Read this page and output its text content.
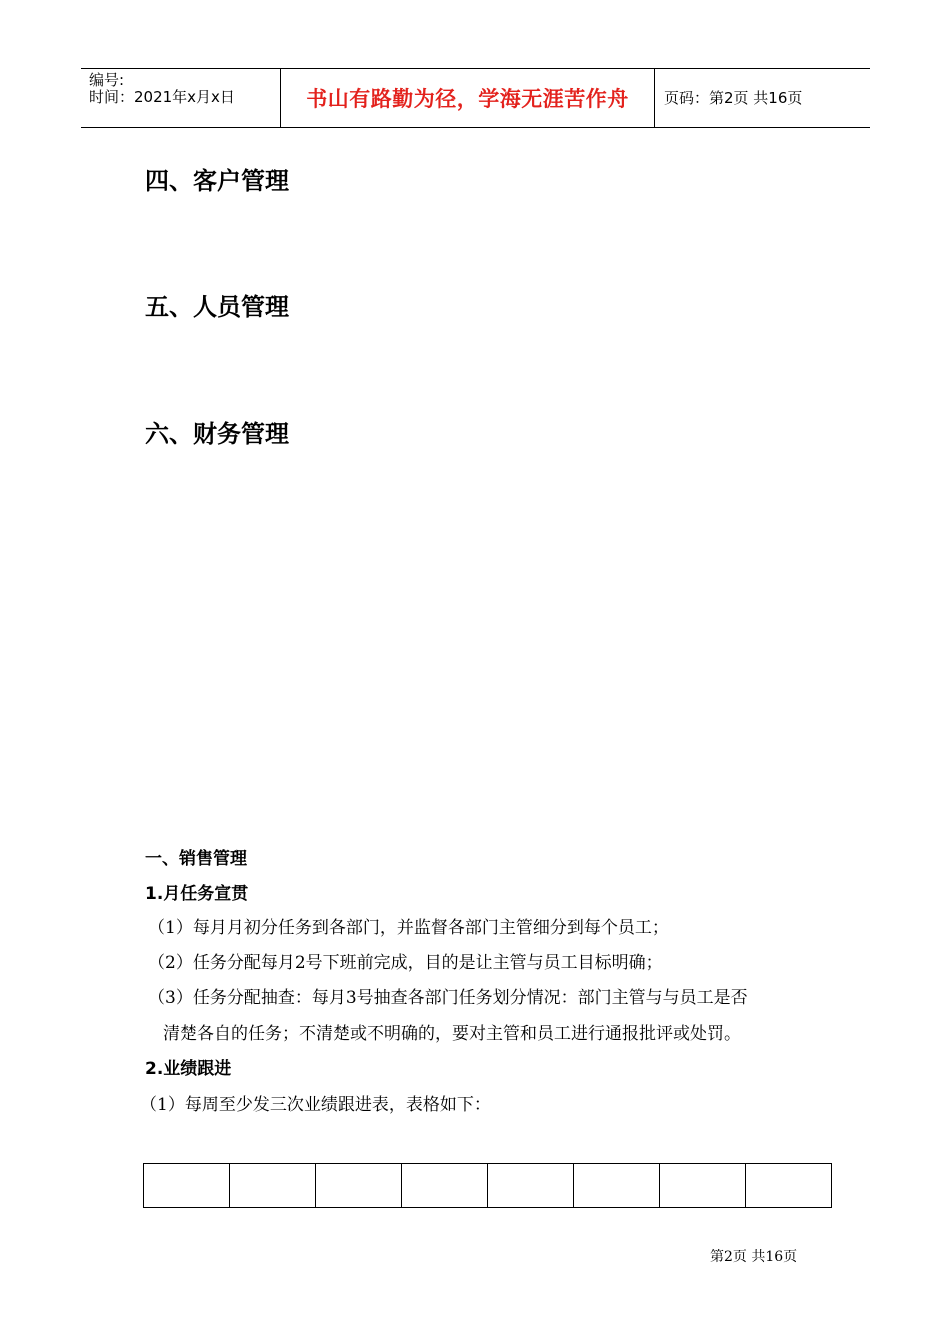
编号:
时间：2021年x月x日	书山有路勤为径，学海无涯苦作舟	页码：第2页 共16页
四、客户管理
五、人员管理
六、财务管理
一、销售管理
1.月任务宣贯
（1）每月月初分任务到各部门，并监督各部门主管细分到每个员工；
（2）任务分配每月2号下班前完成，目的是让主管与员工目标明确；
（3）任务分配抽查：每月3号抽查各部门任务划分情况：部门主管与与员工是否
清楚各自的任务；不清楚或不明确的，要对主管和员工进行通报批评或处罚。
2.业绩跟进
（1）每周至少发三次业绩跟进表，表格如下：

第2页 共16页
